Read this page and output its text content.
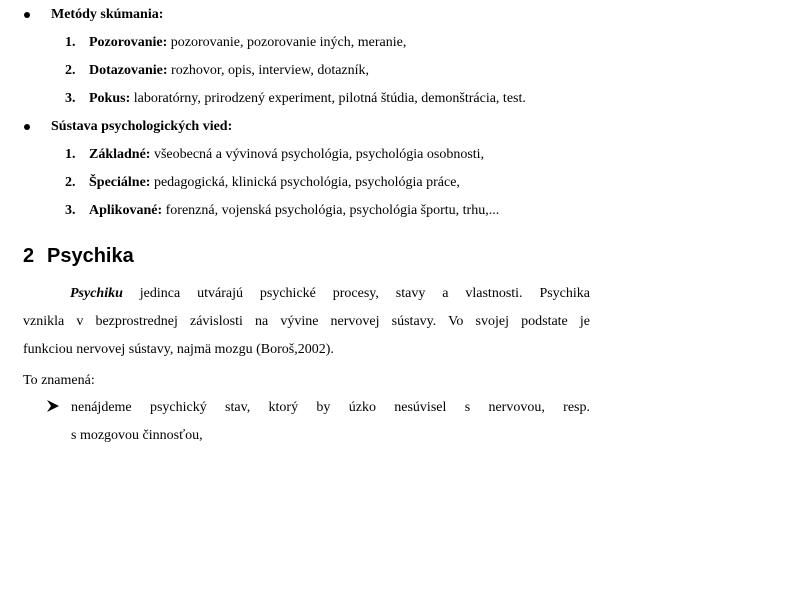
Metódy skúmania:
1. Pozorovanie: pozorovanie, pozorovanie iných, meranie,
2. Dotazovanie: rozhovor, opis, interview, dotazník,
3. Pokus: laboratórny, prirodzený experiment, pilotná štúdia, demonštrácia, test.
Sústava psychologických vied:
1. Základné: všeobecná a vývinová psychológia, psychológia osobnosti,
2. Špeciálne: pedagogická, klinická psychológia, psychológia práce,
3. Aplikované: forenzná, vojenská psychológia, psychológia športu, trhu,...
2 Psychika
Psychiku jedinca utvárajú psychické procesy, stavy a vlastnosti. Psychika
vznikla v bezprostrednej závislosti na vývine nervovej sústavy. Vo svojej podstate je
funkciou nervovej sústavy, najmä mozgu (Boroš,2002).
To znamená:
nenájdeme psychický stav, ktorý by úzko nesúvisel s nervovou, resp.
s mozgovou činnosťou,
